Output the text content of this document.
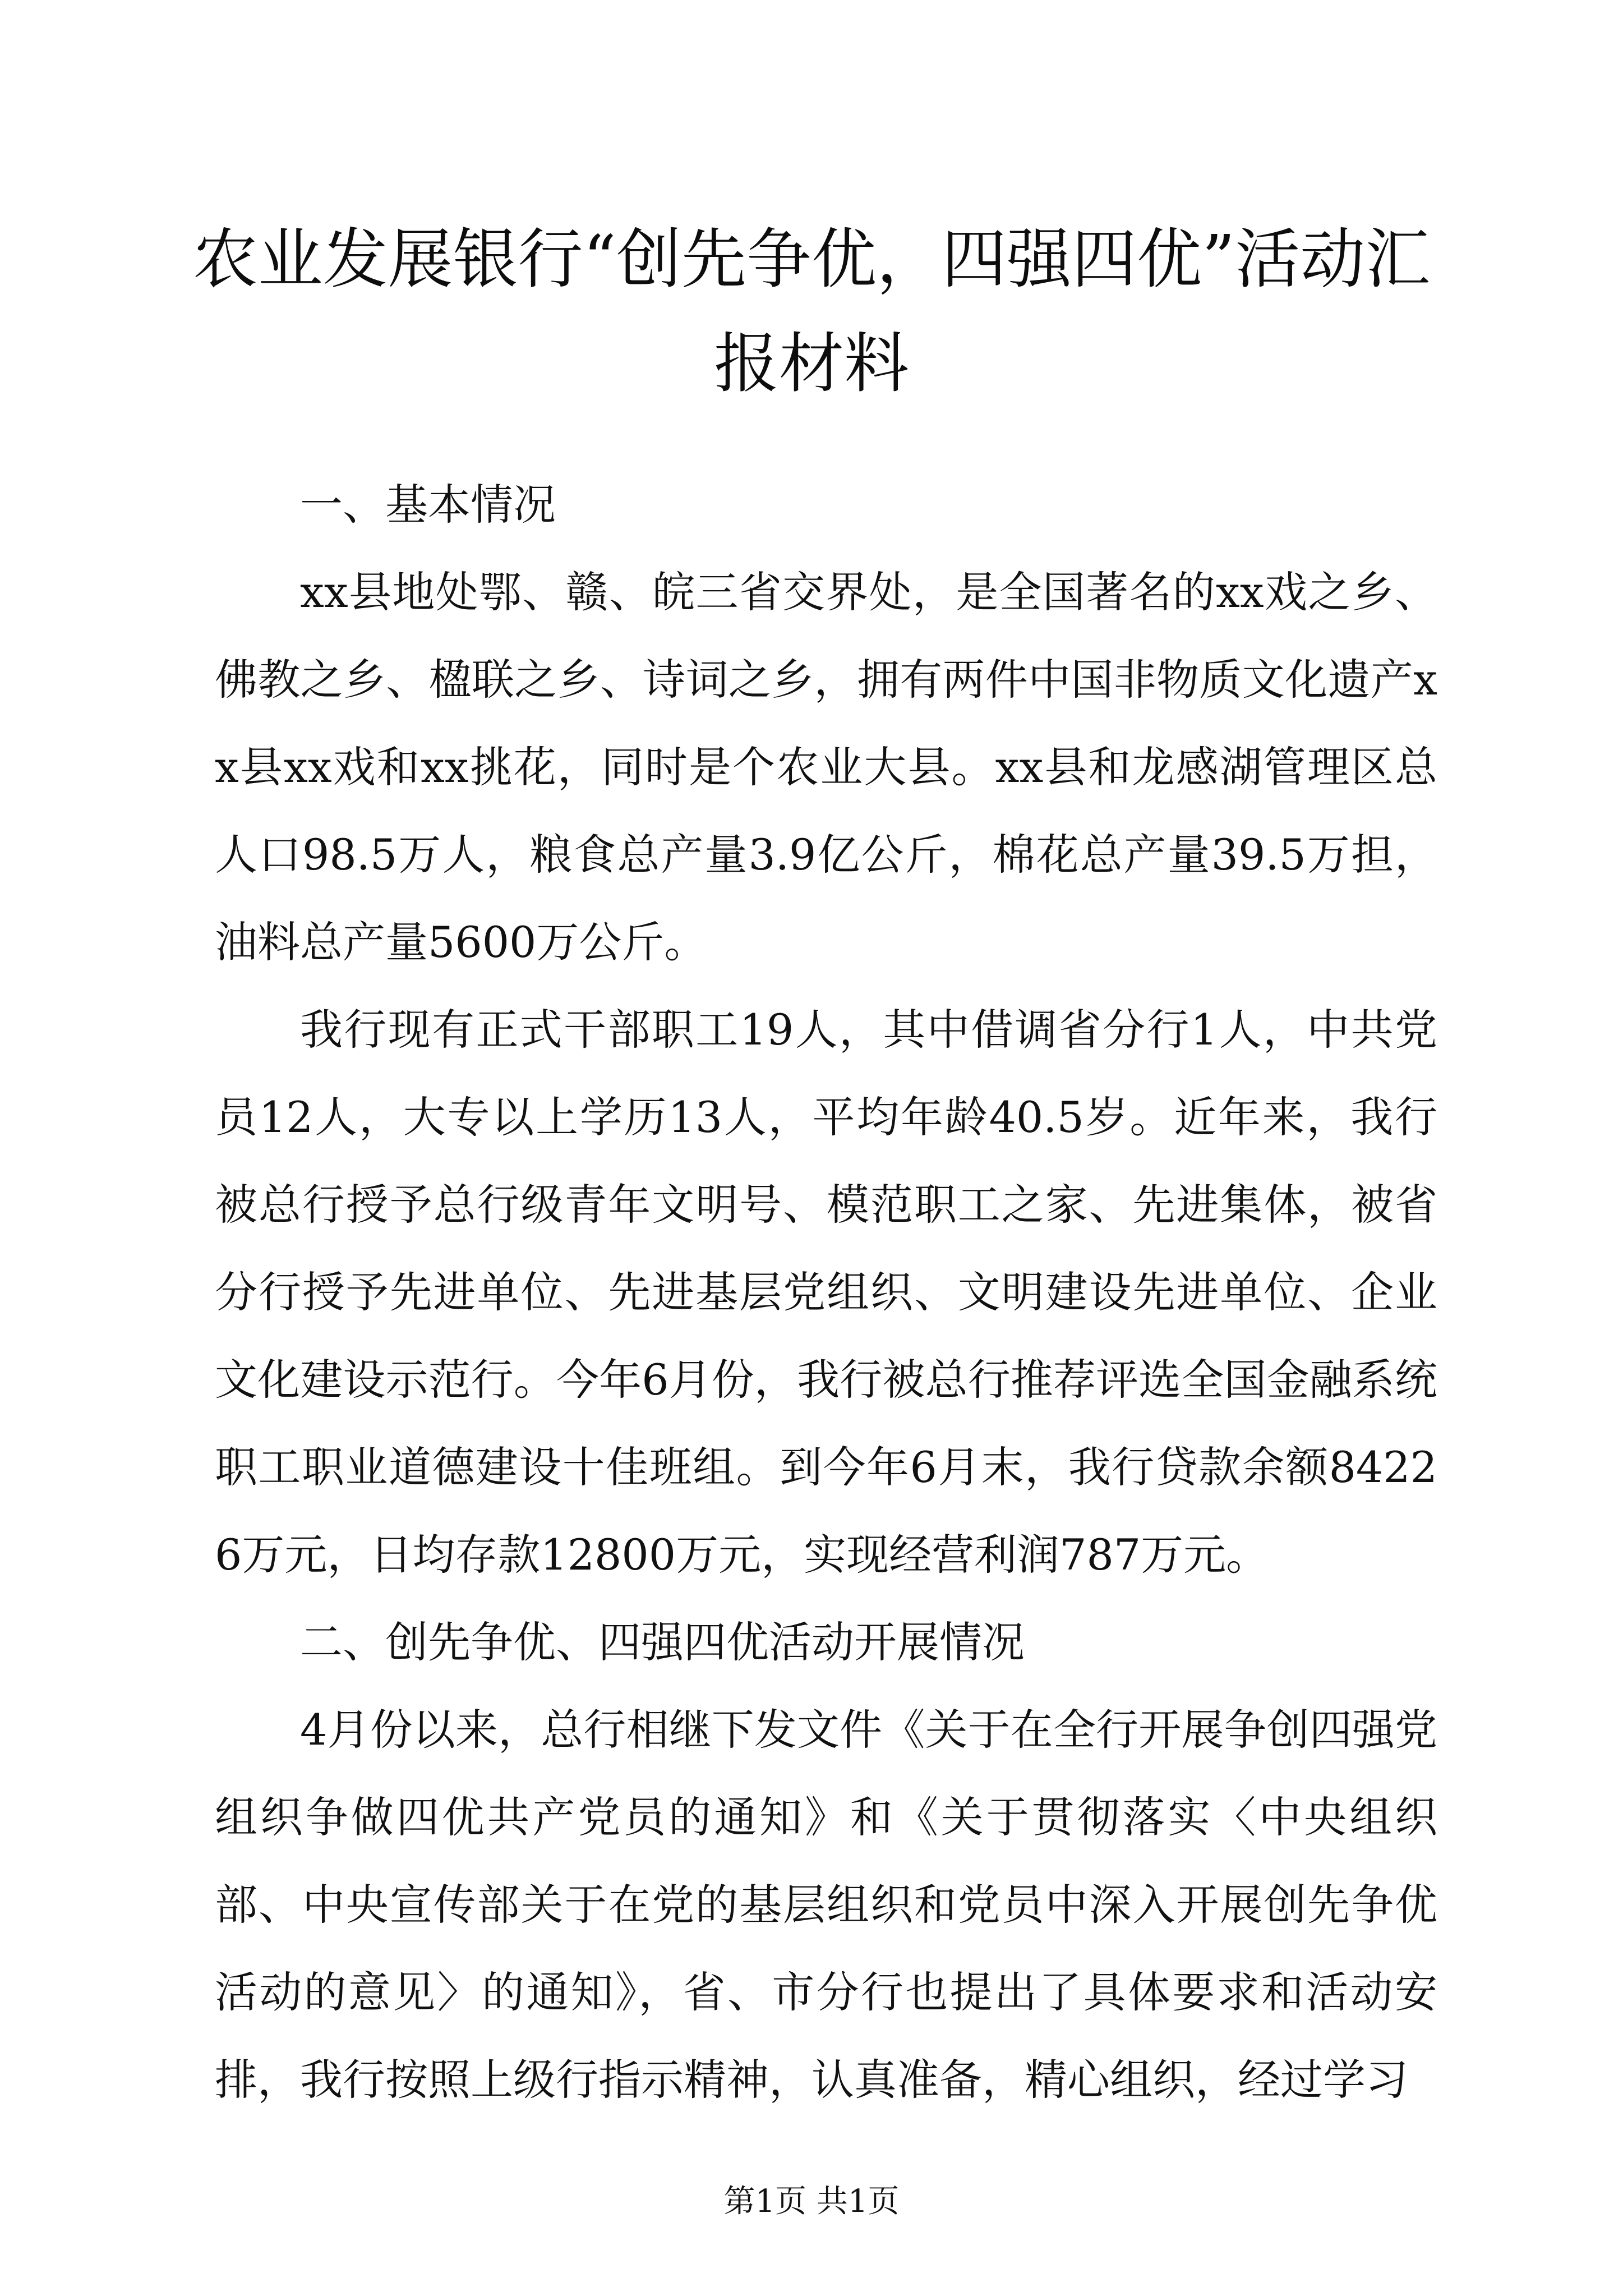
农业发展银行“创先争优，四强四优”活动汇
报材料

一、基本情况

xx县地处鄂、赣、皖三省交界处，是全国著名的xx戏之乡、佛教之乡、楹联之乡、诗词之乡，拥有两件中国非物质文化遗产xx县xx戏和xx挑花，同时是个农业大县。xx县和龙感湖管理区总人口98.5万人，粮食总产量3.9亿公斤，棉花总产量39.5万担，油料总产量5600万公斤。

我行现有正式干部职工19人，其中借调省分行1人，中共党员12人，大专以上学历13人，平均年龄40.5岁。近年来，我行被总行授予总行级青年文明号、模范职工之家、先进集体，被省分行授予先进单位、先进基层党组织、文明建设先进单位、企业文化建设示范行。今年6月份，我行被总行推荐评选全国金融系统职工职业道德建设十佳班组。到今年6月末，我行贷款余额84226万元，日均存款12800万元，实现经营利润787万元。

二、创先争优、四强四优活动开展情况

4月份以来，总行相继下发文件《关于在全行开展争创四强党组织争做四优共产党员的通知》和《关于贯彻落实〈中央组织部、中央宣传部关于在党的基层组织和党员中深入开展创先争优活动的意见〉的通知》，省、市分行也提出了具体要求和活动安排，我行按照上级行指示精神，认真准备，精心组织，经过学习

第1页 共1页
